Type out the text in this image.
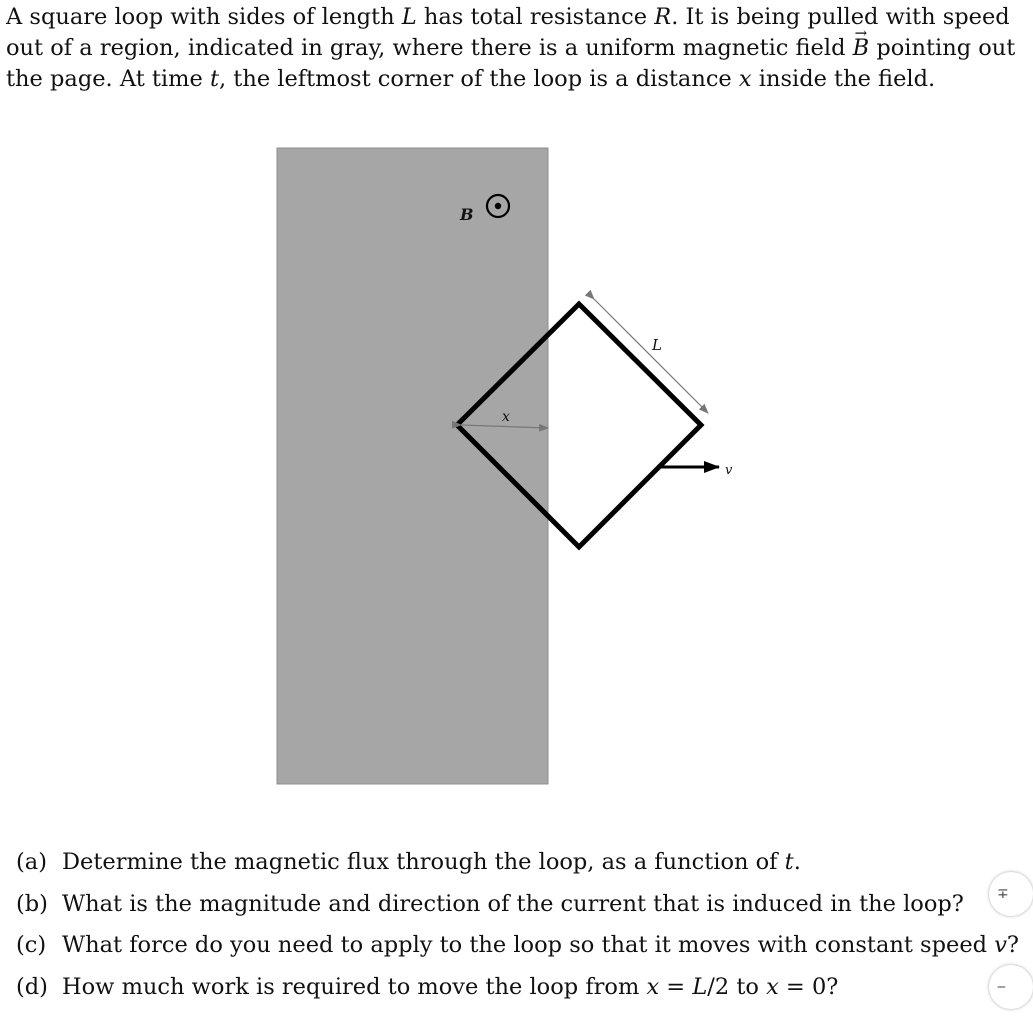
A square loop with sides of length L has total resistance R. It is being pulled with speed
out of a region, indicated in gray, where there is a uniform magnetic field → B pointing out
the page. At time t, the leftmost corner of the loop is a distance x inside the field.
B
L
x
v
(a) Determine the magnetic flux through the loop, as a function of t.
(b) What is the magnitude and direction of the current that is induced in the loop?
(c) What force do you need to apply to the loop so that it moves with constant speed v?
(d) How much work is required to move the loop from x = L/2 to x = 0?
∓
‒
